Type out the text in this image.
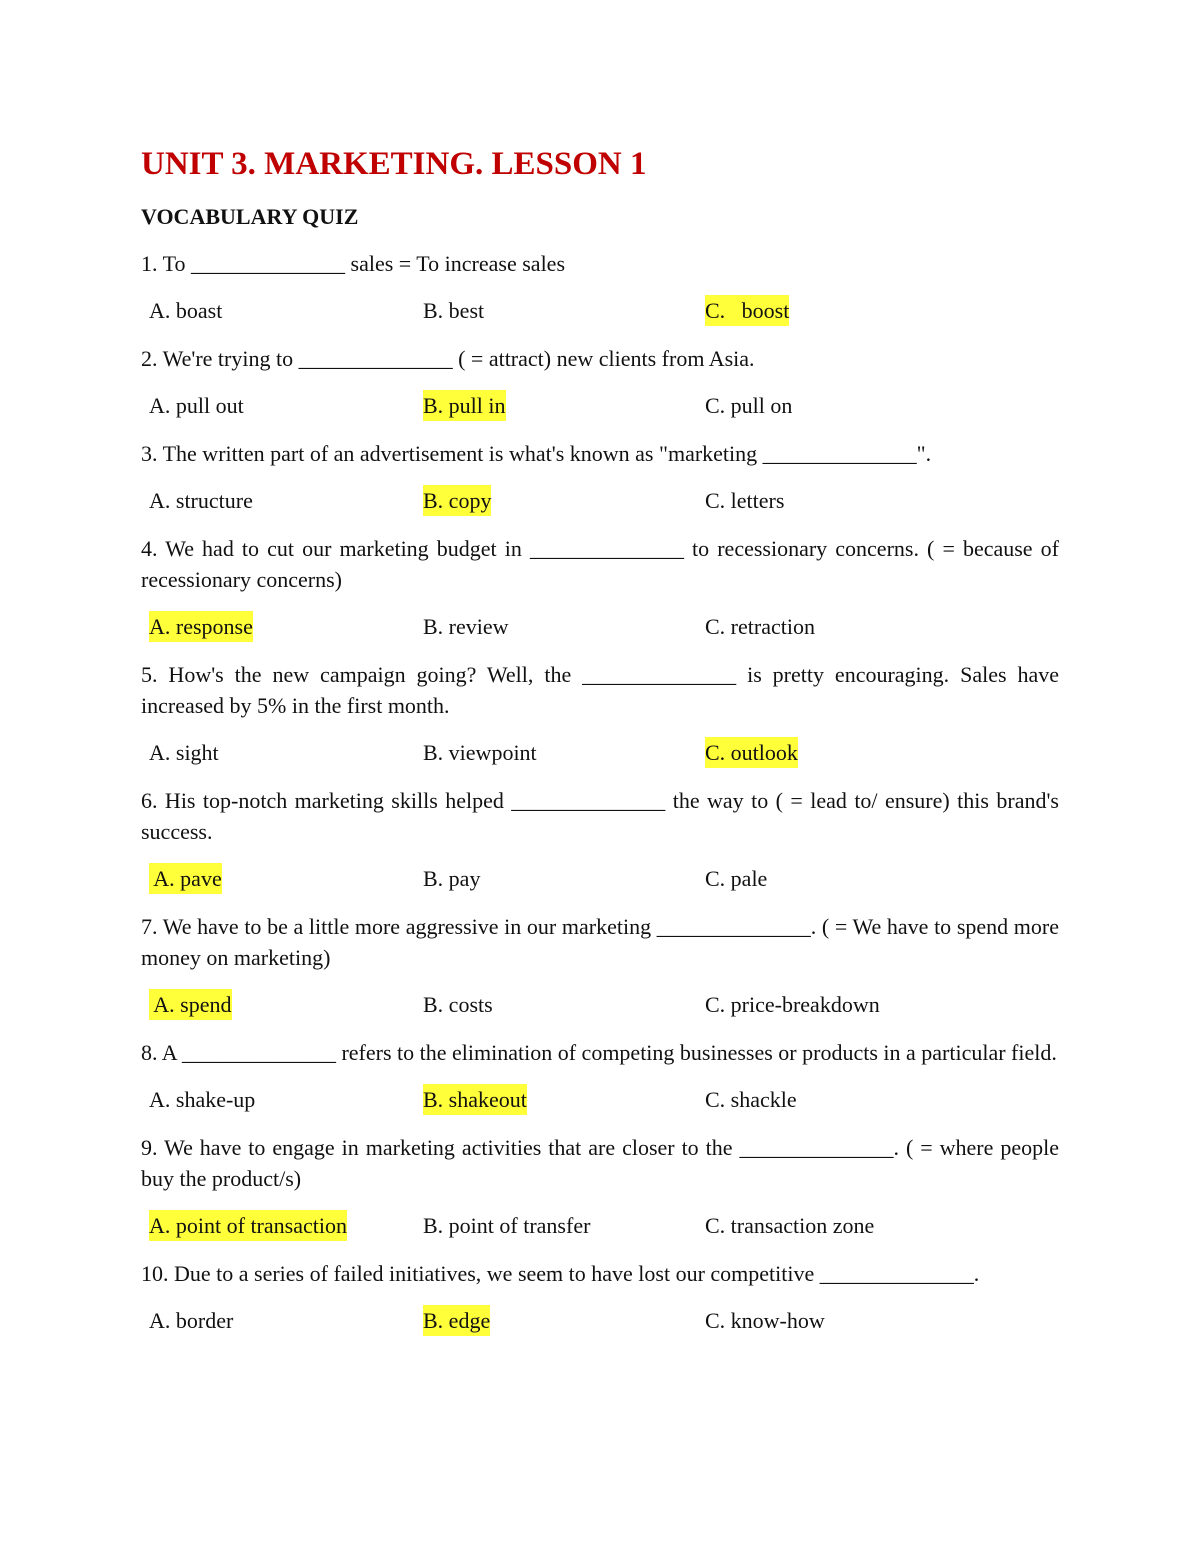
UNIT 3. MARKETING. LESSON 1
VOCABULARY QUIZ
1. To ______________ sales = To increase sales
A. boast	B. best	C.   boost
2. We're trying to ______________ ( = attract) new clients from Asia.
A. pull out	B. pull in	C. pull on
3. The written part of an advertisement is what's known as "marketing ______________".
A. structure	B. copy	C. letters
4. We had to cut our marketing budget in ______________ to recessionary concerns. ( = because of recessionary concerns)
A. response	B. review	C. retraction
5. How's the new campaign going? Well, the ______________ is pretty encouraging. Sales have increased by 5% in the first month.
A. sight	B. viewpoint	C. outlook
6. His top-notch marketing skills helped ______________ the way to ( = lead to/ ensure) this brand's success.
A. pave	B. pay	C. pale
7. We have to be a little more aggressive in our marketing ______________. ( = We have to spend more money on marketing)
A. spend	B. costs	C. price-breakdown
8. A ______________ refers to the elimination of competing businesses or products in a particular field.
A. shake-up	B. shakeout	C. shackle
9. We have to engage in marketing activities that are closer to the ______________. ( = where people buy the product/s)
A. point of transaction	B. point of transfer	C. transaction zone
10. Due to a series of failed initiatives, we seem to have lost our competitive ______________.
A. border	B. edge	C. know-how
